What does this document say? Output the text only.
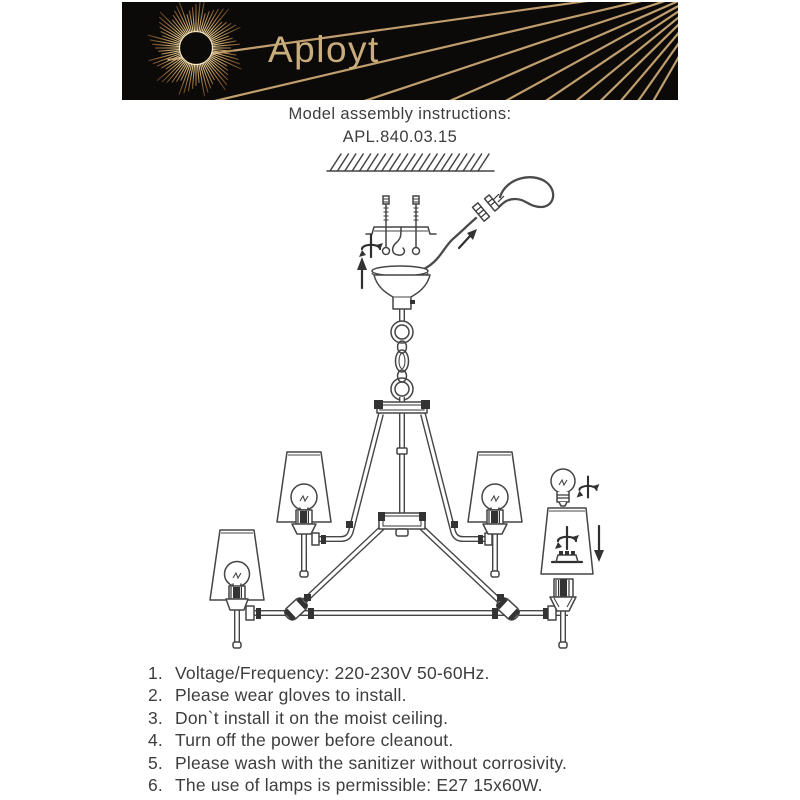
Aployt
Model assembly instructions:
APL.840.03.15
1. Voltage/Frequency: 220-230V 50-60Hz.
2. Please wear gloves to install.
3. Don`t install it on the moist ceiling.
4. Turn off the power before cleanout.
5. Please wash with the sanitizer without corrosivity.
6. The use of lamps is permissible: E27 15x60W.
